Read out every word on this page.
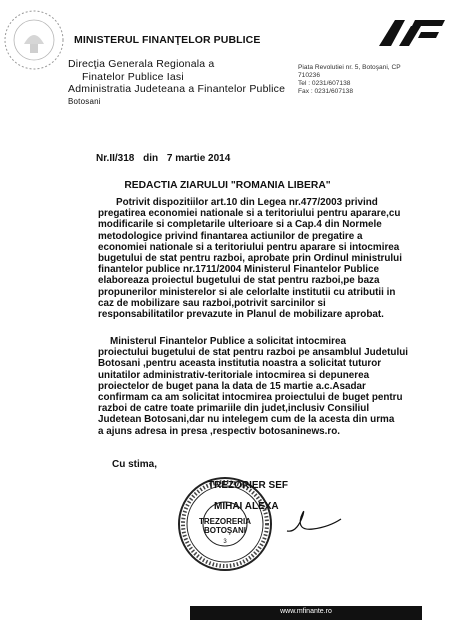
MINISTERUL FINANŢELOR PUBLICE
Direcţia Generala Regionala a
Finatelor Publice Iasi
Administratia Judeteana a Finantelor Publice
Botosani
Piata Revolutiei nr. 5, Botoşani, CP
710236
Tel : 0231/607138
Fax : 0231/607138
Nr.II/318 din 7 martie 2014
REDACTIA ZIARULUI "ROMANIA LIBERA"
Potrivit dispozitiilor art.10 din Legea nr.477/2003 privind
pregatirea economiei nationale si a teritoriului pentru aparare,cu
modificarile si completarile ulterioare si a Cap.4 din Normele
metodologice privind finantarea actiunilor de pregatire a
economiei nationale si a teritoriului pentru aparare si intocmirea
bugetului de stat pentru razboi, aprobate prin Ordinul ministrului
finantelor publice nr.1711/2004 Ministerul Finantelor Publice
elaboreaza proiectul bugetului de stat pentru razboi,pe baza
propunerilor ministerelor si ale celorlalte institutii cu atributii in
caz de mobilizare sau razboi,potrivit sarcinilor si
responsabilitatilor prevazute in Planul de mobilizare aprobat.
Ministerul Finantelor Publice a solicitat intocmirea
proiectului bugetului de stat pentru razboi pe ansamblul Judetului
Botosani ,pentru aceasta institutia noastra a solicitat tuturor
unitatilor administrativ-teritoriale intocmirea si depunerea
proiectelor de buget pana la data de 15 martie a.c.Asadar
confirmam ca am solicitat intocmirea proiectului de buget pentru
razboi de catre toate primariile din judet,inclusiv Consiliul
Judetean Botosani,dar nu intelegem cum de la acesta din urma
a ajuns adresa in presa ,respectiv botosaninews.ro.
Cu stima,
TREZORERIA
BOTOŞANI
3
TREZORIER SEF
MIHAI ALEXA
www.mfinante.ro
